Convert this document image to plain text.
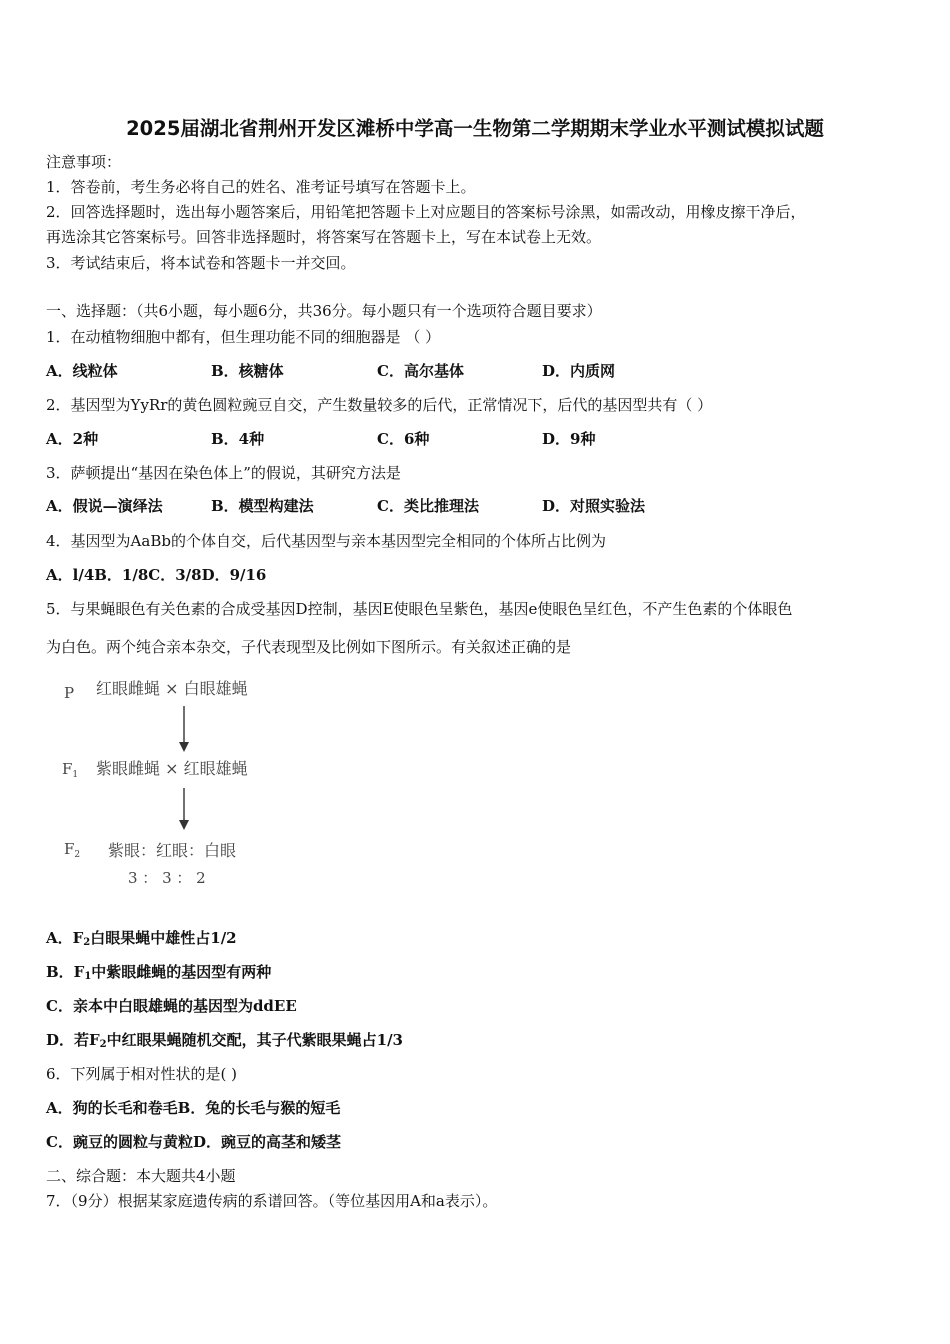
2025届湖北省荆州开发区滩桥中学高一生物第二学期期末学业水平测试模拟试题
注意事项：
1．答卷前，考生务必将自己的姓名、准考证号填写在答题卡上。
2．回答选择题时，选出每小题答案后，用铅笔把答题卡上对应题目的答案标号涂黑，如需改动，用橡皮擦干净后，
再选涂其它答案标号。回答非选择题时，将答案写在答题卡上，写在本试卷上无效。
3．考试结束后，将本试卷和答题卡一并交回。
一、选择题：（共6小题，每小题6分，共36分。每小题只有一个选项符合题目要求）
1．在动植物细胞中都有，但生理功能不同的细胞器是 （ ）
A．线粒体	B．核糖体	C．高尔基体	D．内质网
2．基因型为YyRr的黄色圆粒豌豆自交，产生数量较多的后代，正常情况下，后代的基因型共有（ ）
A．2种	B．4种	C．6种	D．9种
3．萨顿提出“基因在染色体上”的假说，其研究方法是
A．假说—演绎法	B．模型构建法	C．类比推理法	D．对照实验法
4．基因型为AaBb的个体自交，后代基因型与亲本基因型完全相同的个体所占比例为
A．l/4B．1/8C．3/8D．9/16
5．与果蝇眼色有关色素的合成受基因D控制，基因E使眼色呈紫色，基因e使眼色呈红色，不产生色素的个体眼色
为白色。两个纯合亲本杂交，子代表现型及比例如下图所示。有关叙述正确的是
P 红眼雌蝇 × 白眼雄蝇
$F_1$ 紫眼雌蝇 × 红眼雄蝇
$F_2$ 紫眼：红眼：白眼
3 ： 3 ： 2
A．$F_2$白眼果蝇中雄性占1/2
B．$F_1$中紫眼雌蝇的基因型有两种
C．亲本中白眼雄蝇的基因型为ddEE
D．若$F_2$中红眼果蝇随机交配，其子代紫眼果蝇占1/3
6．下列属于相对性状的是( )
A．狗的长毛和卷毛B．兔的长毛与猴的短毛
C．豌豆的圆粒与黄粒D．豌豆的高茎和矮茎
二、综合题：本大题共4小题
7．（9分）根据某家庭遗传病的系谱回答。（等位基因用A和a表示）。
